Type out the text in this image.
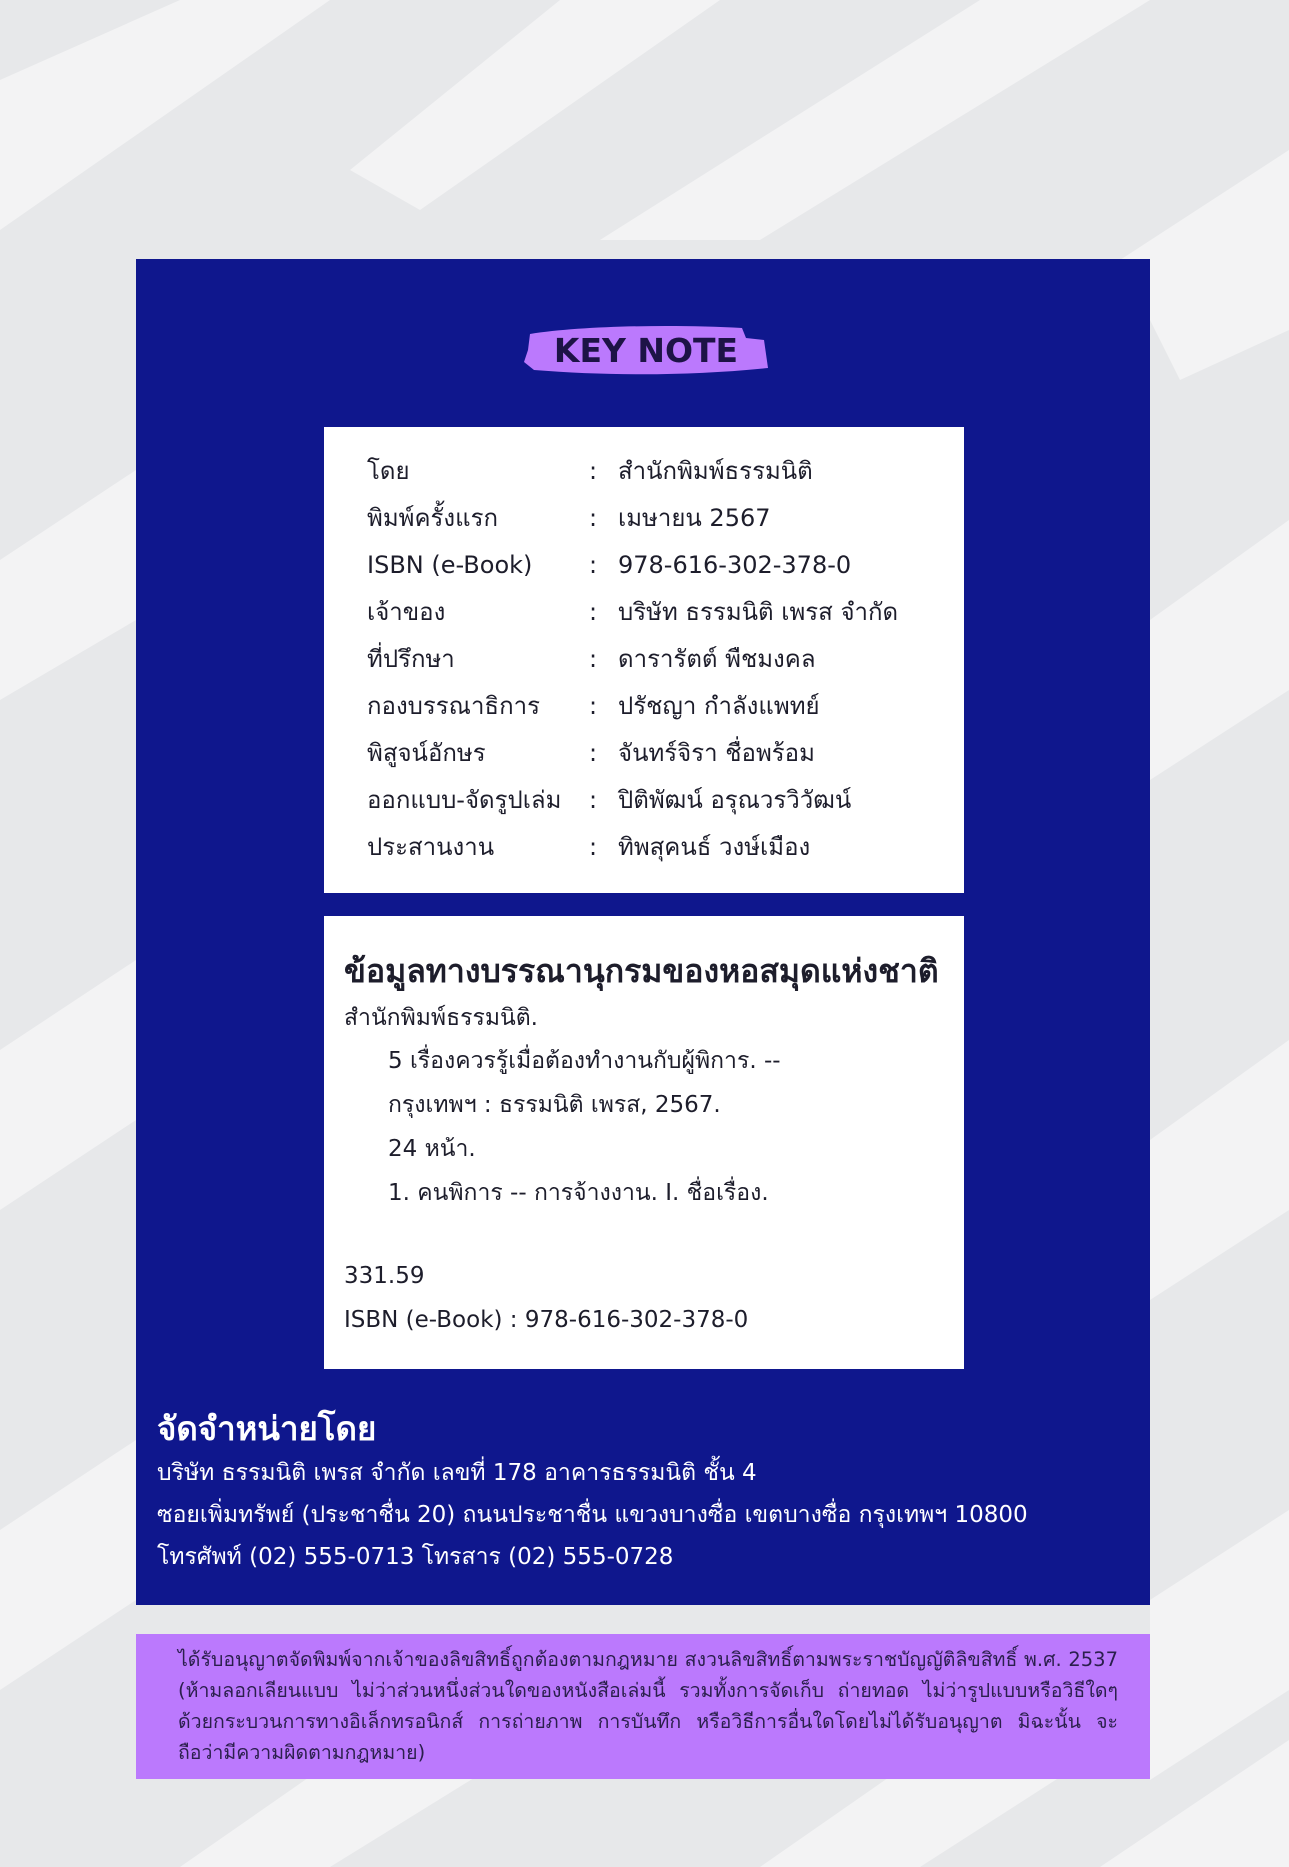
KEY NOTE
โดย	: สำนักพิมพ์ธรรมนิติ
พิมพ์ครั้งแรก	: เมษายน 2567
ISBN (e-Book)	: 978-616-302-378-0
เจ้าของ	: บริษัท ธรรมนิติ เพรส จำกัด
ที่ปรึกษา	: ดารารัตต์ พืชมงคล
กองบรรณาธิการ	: ปรัชญา กำลังแพทย์
พิสูจน์อักษร	: จันทร์จิรา ชื่อพร้อม
ออกแบบ-จัดรูปเล่ม	: ปิติพัฒน์ อรุณวรวิวัฒน์
ประสานงาน	: ทิพสุคนธ์ วงษ์เมือง
ข้อมูลทางบรรณานุกรมของหอสมุดแห่งชาติ
สำนักพิมพ์ธรรมนิติ.
5 เรื่องควรรู้เมื่อต้องทำงานกับผู้พิการ. --
กรุงเทพฯ : ธรรมนิติ เพรส, 2567.
24 หน้า.
1. คนพิการ -- การจ้างงาน. I. ชื่อเรื่อง.
331.59
ISBN (e-Book) : 978-616-302-378-0
จัดจำหน่ายโดย
บริษัท ธรรมนิติ เพรส จำกัด เลขที่ 178 อาคารธรรมนิติ ชั้น 4
ซอยเพิ่มทรัพย์ (ประชาชื่น 20) ถนนประชาชื่น แขวงบางซื่อ เขตบางซื่อ กรุงเทพฯ 10800
โทรศัพท์ (02) 555-0713 โทรสาร (02) 555-0728
ได้รับอนุญาตจัดพิมพ์จากเจ้าของลิขสิทธิ์ถูกต้องตามกฎหมาย สงวนลิขสิทธิ์ตามพระราชบัญญัติลิขสิทธิ์ พ.ศ. 2537 (ห้ามลอกเลียนแบบ ไม่ว่าส่วนหนึ่งส่วนใดของหนังสือเล่มนี้ รวมทั้งการจัดเก็บ ถ่ายทอด ไม่ว่ารูปแบบหรือวิธีใดๆ ด้วยกระบวนการทางอิเล็กทรอนิกส์ การถ่ายภาพ การบันทึก หรือวิธีการอื่นใดโดยไม่ได้รับอนุญาต มิฉะนั้น จะถือว่ามีความผิดตามกฎหมาย)
